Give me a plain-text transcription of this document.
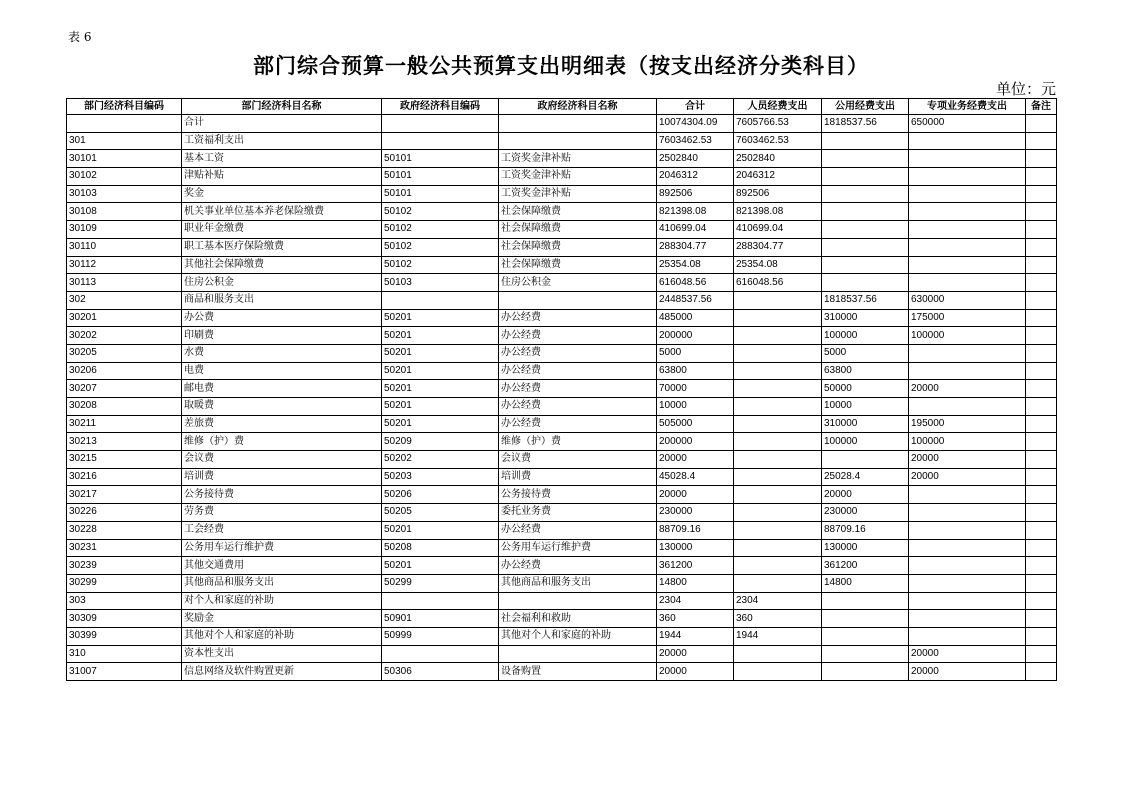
表 6
部门综合预算一般公共预算支出明细表（按支出经济分类科目）
单位：元
部门经济科目编码	部门经济科目名称	政府经济科目编码	政府经济科目名称	合计	人员经费支出	公用经费支出	专项业务经费支出	备注
	合计			10074304.09	7605766.53	1818537.56	650000	
301	工资福利支出			7603462.53	7603462.53			
30101	基本工资	50101	工资奖金津补贴	2502840	2502840			
30102	津贴补贴	50101	工资奖金津补贴	2046312	2046312			
30103	奖金	50101	工资奖金津补贴	892506	892506			
30108	机关事业单位基本养老保险缴费	50102	社会保障缴费	821398.08	821398.08			
30109	职业年金缴费	50102	社会保障缴费	410699.04	410699.04			
30110	职工基本医疗保险缴费	50102	社会保障缴费	288304.77	288304.77			
30112	其他社会保障缴费	50102	社会保障缴费	25354.08	25354.08			
30113	住房公积金	50103	住房公积金	616048.56	616048.56			
302	商品和服务支出			2448537.56		1818537.56	630000	
30201	办公费	50201	办公经费	485000		310000	175000	
30202	印刷费	50201	办公经费	200000		100000	100000	
30205	水费	50201	办公经费	5000		5000		
30206	电费	50201	办公经费	63800		63800		
30207	邮电费	50201	办公经费	70000		50000	20000	
30208	取暖费	50201	办公经费	10000		10000		
30211	差旅费	50201	办公经费	505000		310000	195000	
30213	维修（护）费	50209	维修（护）费	200000		100000	100000	
30215	会议费	50202	会议费	20000			20000	
30216	培训费	50203	培训费	45028.4		25028.4	20000	
30217	公务接待费	50206	公务接待费	20000		20000		
30226	劳务费	50205	委托业务费	230000		230000		
30228	工会经费	50201	办公经费	88709.16		88709.16		
30231	公务用车运行维护费	50208	公务用车运行维护费	130000		130000		
30239	其他交通费用	50201	办公经费	361200		361200		
30299	其他商品和服务支出	50299	其他商品和服务支出	14800		14800		
303	对个人和家庭的补助			2304	2304			
30309	奖励金	50901	社会福利和救助	360	360			
30399	其他对个人和家庭的补助	50999	其他对个人和家庭的补助	1944	1944			
310	资本性支出			20000			20000	
31007	信息网络及软件购置更新	50306	设备购置	20000			20000	
